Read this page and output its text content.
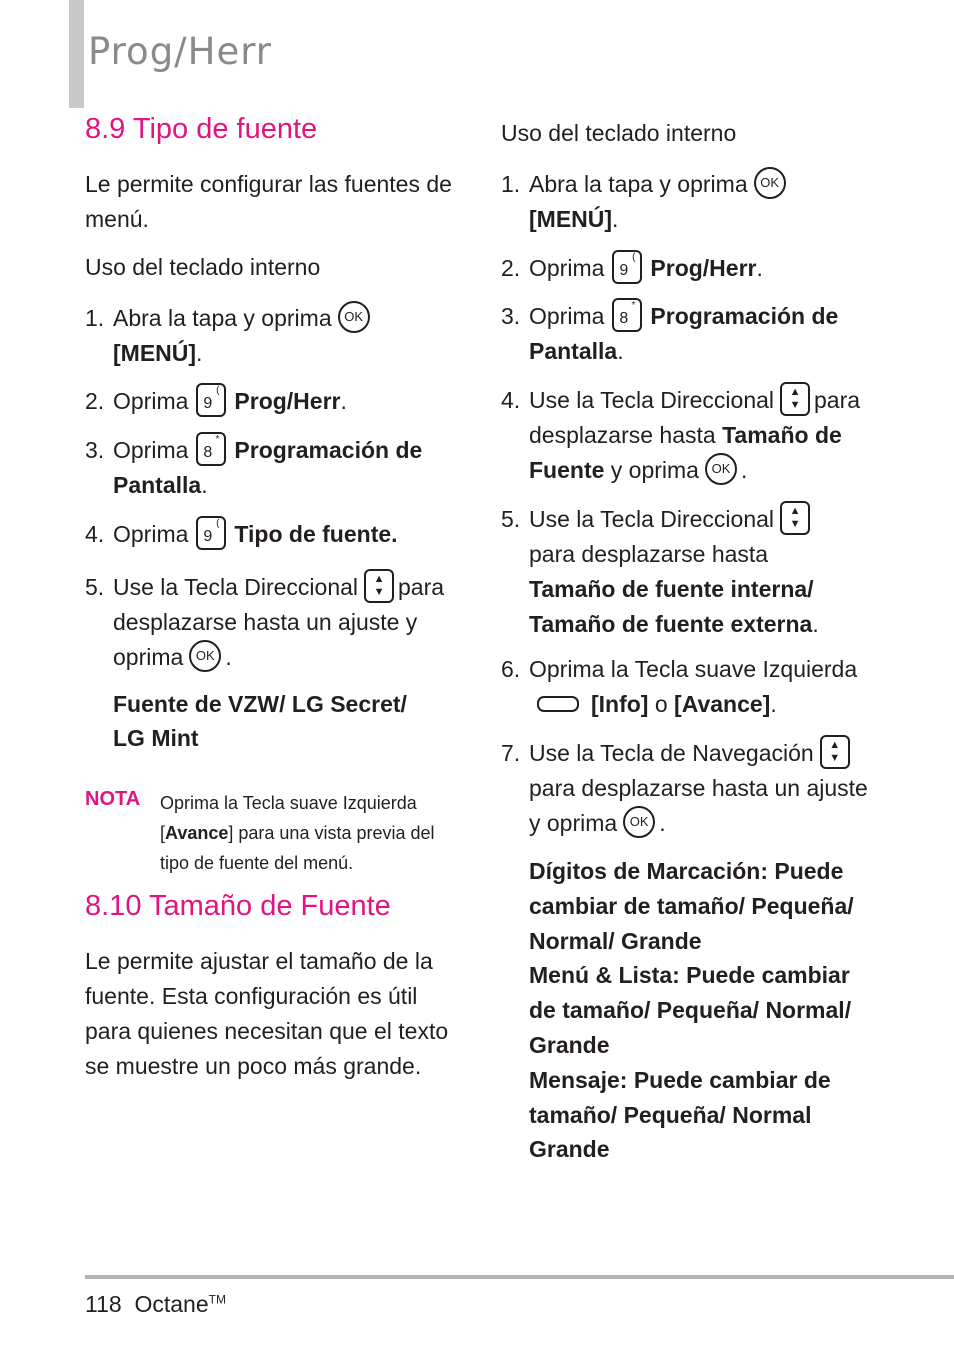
Prog/Herr
8.9 Tipo de fuente

Le permite configurar las fuentes de menú.

Uso del teclado interno

1. Abra la tapa y oprima OK
[MENÚ].
2. Oprima 9
( Prog/Herr.
3. Oprima 8
* Programación de Pantalla.
4. Oprima 9
( Tipo de fuente.
5. Use la Tecla Direccional	▲
▼ para desplazarse hasta un ajuste y oprima OK .
Fuente de VZW/ LG Secret/
LG Mint
NOTA Oprima la Tecla suave Izquierda [Avance] para una vista previa del tipo de fuente del menú.
8.10 Tamaño de Fuente

Le permite ajustar el tamaño de la fuente. Esta configuración es útil para quienes necesitan que el texto se muestre un poco más grande.

Uso del teclado interno

1. Abra la tapa y oprima OK
[MENÚ].
2. Oprima 9
( Prog/Herr.
3. Oprima 8
* Programación de Pantalla.
4. Use la Tecla Direccional	▲
▼ para desplazarse hasta Tamaño de Fuente y oprima OK .
5. Use la Tecla Direccional	▲
▼

para desplazarse hasta
Tamaño de fuente interna/ Tamaño de fuente externa.
6. Oprima la Tecla suave Izquierda
[Info] o [Avance].
7. Use la Tecla de Navegación	▲
▼
para desplazarse hasta un ajuste y oprima OK .
Dígitos de Marcación: Puede cambiar de tamaño/ Pequeña/ Normal/ Grande
Menú & Lista: Puede cambiar de tamaño/ Pequeña/ Normal/ Grande
Mensaje: Puede cambiar de tamaño/ Pequeña/ Normal Grande
118 Octane™
